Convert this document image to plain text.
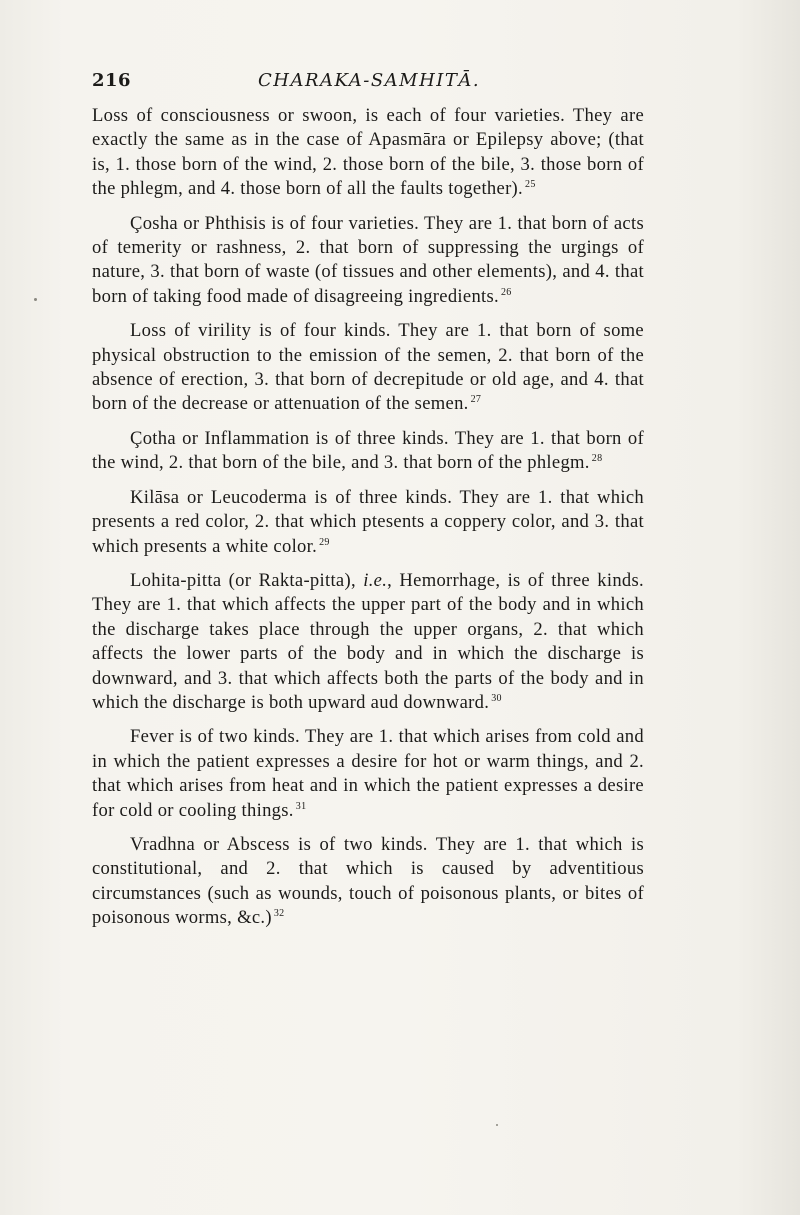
216	CHARAKA-SAMHITĀ.

Loss of consciousness or swoon, is each of four varieties. They are exactly the same as in the case of Apasmāra or Epilepsy above; (that is, 1. those born of the wind, 2. those born of the bile, 3. those born of the phlegm, and 4. those born of all the faults together). $^{25}$

Çosha or Phthisis is of four varieties. They are 1. that born of acts of temerity or rashness, 2. that born of suppressing the urgings of nature, 3. that born of waste (of tissues and other elements), and 4. that born of taking food made of disagreeing ingredients. $^{26}$

Loss of virility is of four kinds. They are 1. that born of some physical obstruction to the emission of the semen, 2. that born of the absence of erection, 3. that born of decrepitude or old age, and 4. that born of the decrease or attenuation of the semen. $^{27}$

Çotha or Inflammation is of three kinds. They are 1. that born of the wind, 2. that born of the bile, and 3. that born of the phlegm. $^{28}$

Kilāsa or Leucoderma is of three kinds. They are 1. that which presents a red color, 2. that which ptesents a coppery color, and 3. that which presents a white color. $^{29}$

Lohita-pitta (or Rakta-pitta), i.e., Hemorrhage, is of three kinds. They are 1. that which affects the upper part of the body and in which the discharge takes place through the upper organs, 2. that which affects the lower parts of the body and in which the discharge is downward, and 3. that which affects both the parts of the body and in which the discharge is both upward aud downward. $^{30}$

Fever is of two kinds. They are 1. that which arises from cold and in which the patient expresses a desire for hot or warm things, and 2. that which arises from heat and in which the patient expresses a desire for cold or cooling things. $^{31}$

Vradhna or Abscess is of two kinds. They are 1. that which is constitutional, and 2. that which is caused by adventitious circumstances (such as wounds, touch of poisonous plants, or bites of poisonous worms, &c.) $^{32}$
